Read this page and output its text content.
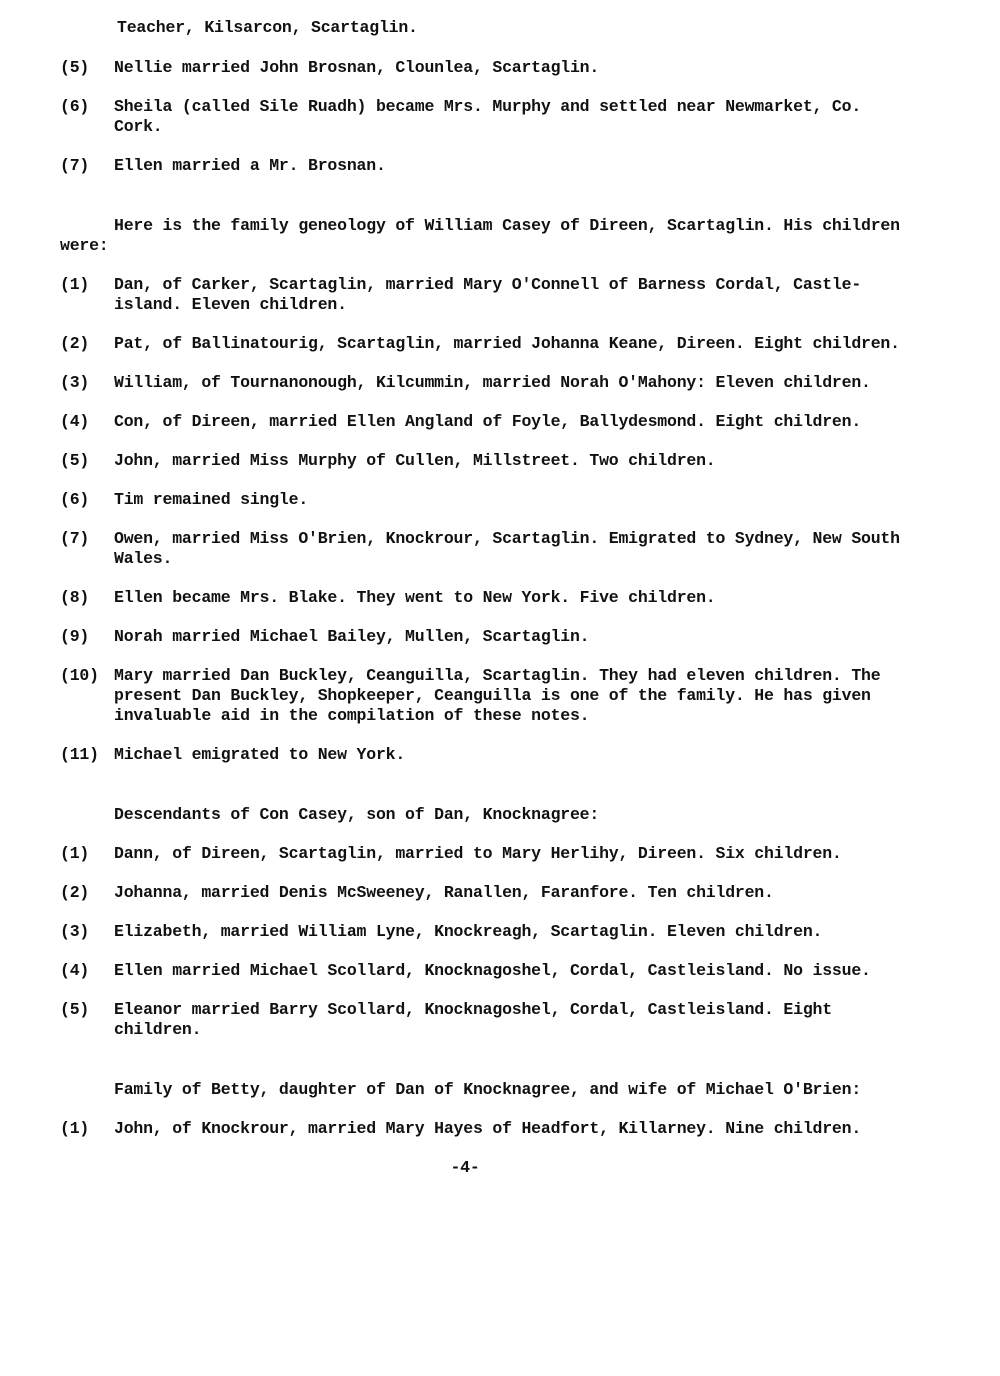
Teacher, Kilsarcon, Scartaglin.
(5)	Nellie married John Brosnan, Clounlea, Scartaglin.
(6)	Sheila (called Sile Ruadh) became Mrs. Murphy and settled near Newmarket, Co. Cork.
(7)	Ellen married a Mr. Brosnan.

Here is the family geneology of William Casey of Direen, Scartaglin. His children were:

(1)	Dan, of Carker, Scartaglin, married Mary O'Connell of Barness Cordal, Castle-island. Eleven children.
(2)	Pat, of Ballinatourig, Scartaglin, married Johanna Keane, Direen. Eight children.
(3)	William, of Tournanonough, Kilcummin, married Norah O'Mahony: Eleven children.
(4)	Con, of Direen, married Ellen Angland of Foyle, Ballydesmond. Eight children.
(5)	John, married Miss Murphy of Cullen, Millstreet. Two children.
(6)	Tim remained single.
(7)	Owen, married Miss O'Brien, Knockrour, Scartaglin. Emigrated to Sydney, New South Wales.
(8)	Ellen became Mrs. Blake. They went to New York. Five children.
(9)	Norah married Michael Bailey, Mullen, Scartaglin.
(10) Mary married Dan Buckley, Ceanguilla, Scartaglin. They had eleven children. The present Dan Buckley, Shopkeeper, Ceanguilla is one of the family. He has given invaluable aid in the compilation of these notes.
(11) Michael emigrated to New York.

Descendants of Con Casey, son of Dan, Knocknagree:

(1)	Dann, of Direen, Scartaglin, married to Mary Herlihy, Direen. Six children.
(2)	Johanna, married Denis McSweeney, Ranallen, Faranfore. Ten children.
(3)	Elizabeth, married William Lyne, Knockreagh, Scartaglin. Eleven children.
(4)	Ellen married Michael Scollard, Knocknagoshel, Cordal, Castleisland. No issue.
(5)	Eleanor married Barry Scollard, Knocknagoshel, Cordal, Castleisland. Eight children.

Family of Betty, daughter of Dan of Knocknagree, and wife of Michael O'Brien:

(1)	John, of Knockrour, married Mary Hayes of Headfort, Killarney. Nine children.
-4-
